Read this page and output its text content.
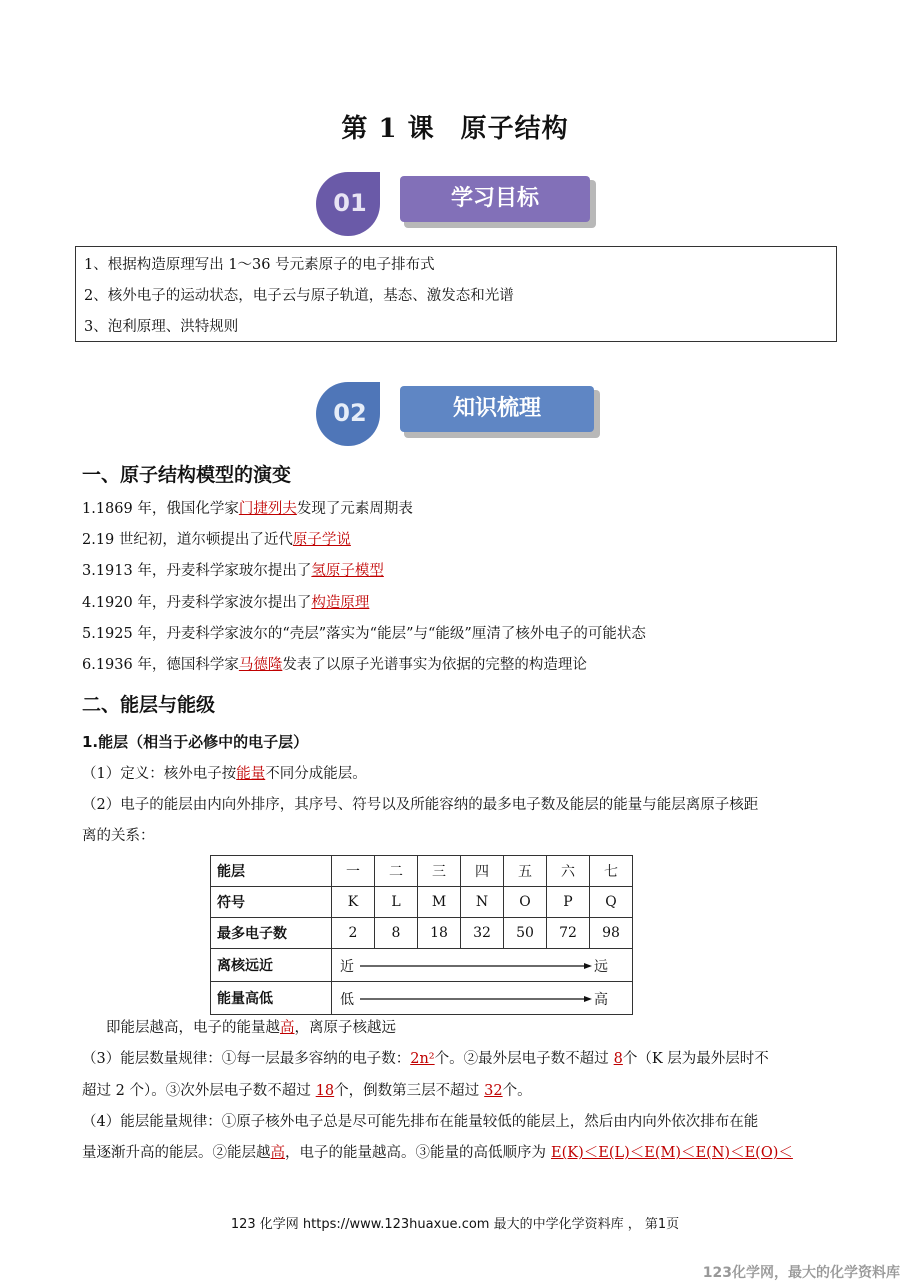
第 1 课 原子结构
01	学习目标
1、根据构造原理写出 1～36 号元素原子的电子排布式
2、核外电子的运动状态，电子云与原子轨道，基态、激发态和光谱
3、泡利原理、洪特规则
02	知识梳理
一、原子结构模型的演变
1.1869 年，俄国化学家门捷列夫发现了元素周期表
2.19 世纪初，道尔顿提出了近代原子学说
3.1913 年，丹麦科学家玻尔提出了氢原子模型
4.1920 年，丹麦科学家波尔提出了构造原理
5.1925 年，丹麦科学家波尔的“壳层”落实为“能层”与“能级”厘清了核外电子的可能状态
6.1936 年，德国科学家马德隆发表了以原子光谱事实为依据的完整的构造理论
二、能层与能级
1.能层（相当于必修中的电子层）
（1）定义：核外电子按能量不同分成能层。
（2）电子的能层由内向外排序，其序号、符号以及所能容纳的最多电子数及能层的能量与能层离原子核距
离的关系：
能层	一	二	三	四	五	六	七
符号	K	L	M	N	O	P	Q
最多电子数	2	8	18	32	50	72	98
离核远近	近 远						

能量高低	低 高						
即能层越高，电子的能量越高，离原子核越远
（3）能层数量规律：①每一层最多容纳的电子数：2n²个。②最外层电子数不超过 8个（K 层为最外层时不
超过 2 个）。③次外层电子数不超过 18个，倒数第三层不超过 32个。
（4）能层能量规律：①原子核外电子总是尽可能先排布在能量较低的能层上，然后由内向外依次排布在能
量逐渐升高的能层。②能层越高，电子的能量越高。③能量的高低顺序为 E(K)＜E(L)＜E(M)＜E(N)＜E(O)＜
123 化学网 https://www.123huaxue.com 最大的中学化学资料库 ， 第1页
123化学网，最大的化学资料库
